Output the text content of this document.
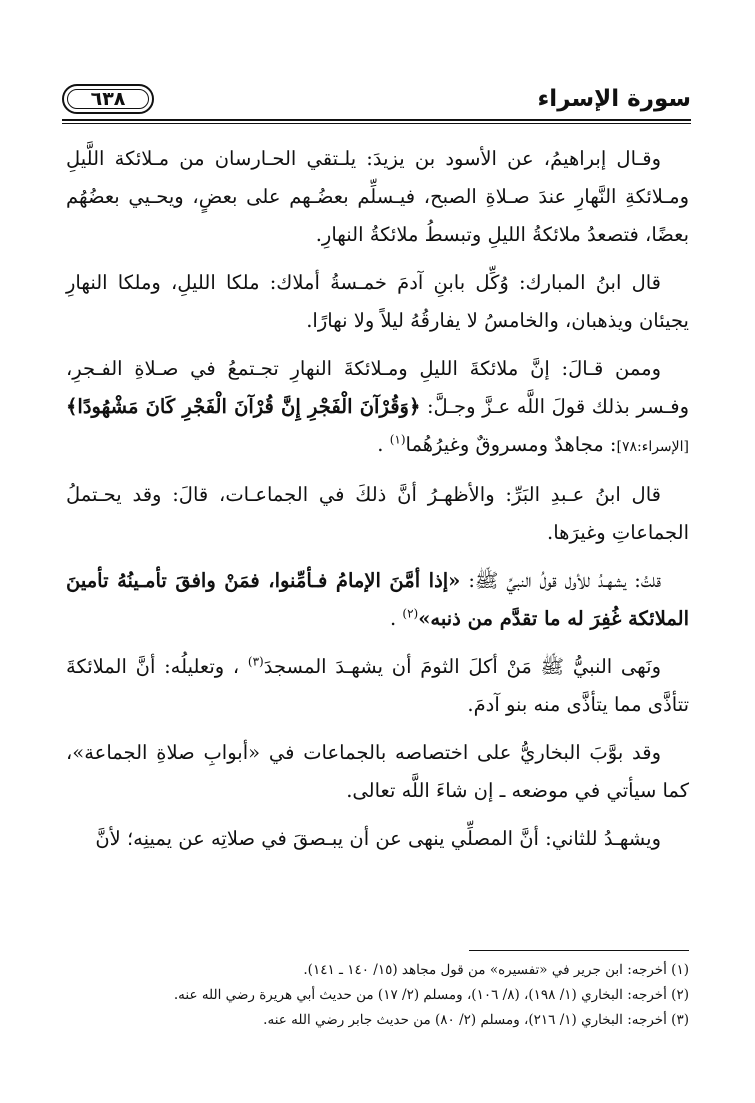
سورة الإسراء
٦٣٨

وقـال إبراهيمُ، عن الأسود بن يزيدَ: يلـتقي الحـارسان من مـلائكة اللَّيلِ ومـلائكةِ النَّهارِ عندَ صـلاةِ الصبح، فيـسلِّم بعضُـهم على بعضٍ، ويحـيي بعضُهُم بعضًا، فتصعدُ ملائكةُ الليلِ وتبسطُ ملائكةُ النهارِ.

قال ابنُ المبارك: وُكِّل بابنِ آدمَ خمـسةُ أملاك: ملكا الليلِ، وملكا النهارِ يجيئان ويذهبان، والخامسُ لا يفارقُهُ ليلاً ولا نهارًا.

وممن قـالَ: إنَّ ملائكةَ الليلِ ومـلائكةَ النهارِ تجـتمعُ في صـلاةِ الفـجرِ، وفـسر بذلك قولَ اللَّه عـزَّ وجـلَّ: ﴿وَقُرْآنَ الْفَجْرِ إِنَّ قُرْآنَ الْفَجْرِ كَانَ مَشْهُودًا﴾ [الإسراء:٧٨]: مجاهدٌ ومسروقٌ وغيرُهُما$^{(١)}$ .

قال ابنُ عـبدِ البَرِّ: والأظهـرُ أنَّ ذلكَ في الجماعـات، قالَ: وقد يحـتملُ الجماعاتِ وغيرَها.

قلتُ: يشهـدُ للأول قولُ النبيِّ ﷺ: «إذا أمَّنَ الإمامُ فـأمِّنوا، فمَنْ وافقَ تأمـينُهُ تأمينَ الملائكة غُفِرَ له ما تقدَّم من ذنبه»$^{(٢)}$ .

ونَهى النبيُّ ﷺ مَنْ أكلَ الثومَ أن يشهـدَ المسجدَ$^{(٣)}$ ، وتعليلُه: أنَّ الملائكةَ تتأذَّى مما يتأذَّى منه بنو آدمَ.

وقد بوَّبَ البخاريُّ على اختصاصه بالجماعات في «أبوابِ صلاةِ الجماعة»، كما سيأتي في موضعه ـ إن شاءَ اللَّه تعالى.

ويشهـدُ للثاني: أنَّ المصلِّي ينهى عن أن يبـصقَ في صلاتِه عن يمينِه؛ لأنَّ

(١) أخرجه: ابن جرير في «تفسيره» من قول مجاهد (١٥/ ١٤٠ ـ ١٤١).

(٢) أخرجه: البخاري (١/ ١٩٨)، (٨/ ١٠٦)، ومسلم (٢/ ١٧) من حديث أبي هريرة رضي الله عنه.

(٣) أخرجه: البخاري (١/ ٢١٦)، ومسلم (٢/ ٨٠) من حديث جابر رضي الله عنه.
